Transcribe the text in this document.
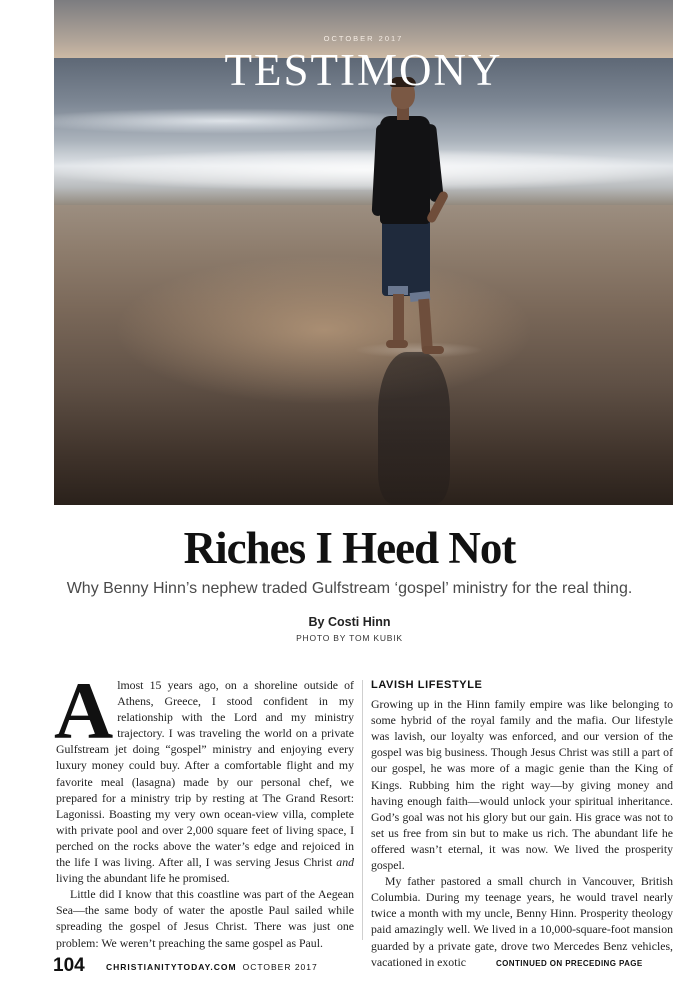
OCTOBER 2017
TESTIMONY
Riches I Heed Not
Why Benny Hinn’s nephew traded Gulfstream ‘gospel’ ministry for the real thing.
By Costi Hinn
PHOTO BY TOM KUBIK

Almost 15 years ago, on a shoreline outside of Athens, Greece, I stood confident in my relationship with the Lord and my ministry trajectory. I was traveling the world on a private Gulfstream jet doing “gospel” ministry and enjoying every luxury money could buy. After a comfortable flight and my favorite meal (lasagna) made by our personal chef, we prepared for a ministry trip by resting at The Grand Resort: Lagonissi. Boasting my very own ocean-view villa, complete with private pool and over 2,000 square feet of living space, I perched on the rocks above the water’s edge and rejoiced in the life I was living. After all, I was serving Jesus Christ and living the abundant life he promised.

Little did I know that this coastline was part of the Aegean Sea—the same body of water the apostle Paul sailed while spreading the gospel of Jesus Christ. There was just one problem: We weren’t preaching the same gospel as Paul.

LAVISH LIFESTYLE

Growing up in the Hinn family empire was like belonging to some hybrid of the royal family and the mafia. Our lifestyle was lavish, our loyalty was enforced, and our version of the gospel was big business. Though Jesus Christ was still a part of our gospel, he was more of a magic genie than the King of Kings. Rubbing him the right way—by giving money and having enough faith—would unlock your spiritual inheritance. God’s goal was not his glory but our gain. His grace was not to set us free from sin but to make us rich. The abundant life he offered wasn’t eternal, it was now. We lived the prosperity gospel.

My father pastored a small church in Vancouver, British Columbia. During my teenage years, he would travel nearly twice a month with my uncle, Benny Hinn. Prosperity theology paid amazingly well. We lived in a 10,000-square-foot mansion guarded by a private gate, drove two Mercedes Benz vehicles, vacationed in exotic	CONTINUED ON PRECEDING PAGE

104	CHRISTIANITYTODAY.COM OCTOBER 2017
